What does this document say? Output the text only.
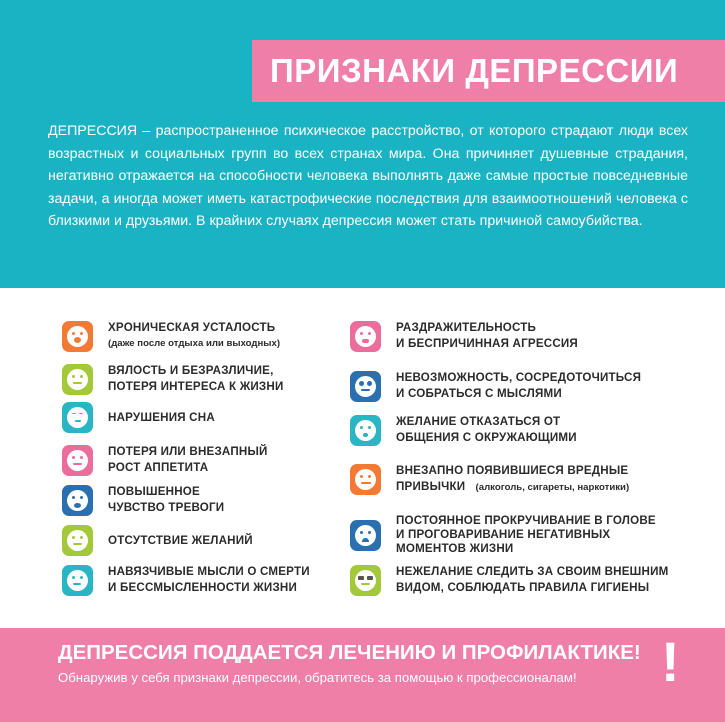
ПРИЗНАКИ ДЕПРЕССИИ
ДЕПРЕССИЯ – распространенное психическое расстройство, от которого страдают люди всех возрастных и социальных групп во всех странах мира. Она причиняет душевные страдания, негативно отражается на способности человека выполнять даже самые простые повседневные задачи, а иногда может иметь катастрофические последствия для взаимоотношений человека с близкими и друзьями. В крайних случаях депрессия может стать причиной самоубийства.
ХРОНИЧЕСКАЯ УСТАЛОСТЬ
(даже после отдыха или выходных)
ВЯЛОСТЬ И БЕЗРАЗЛИЧИЕ,
ПОТЕРЯ ИНТЕРЕСА К ЖИЗНИ
НАРУШЕНИЯ СНА
ПОТЕРЯ ИЛИ ВНЕЗАПНЫЙ
РОСТ АППЕТИТА
ПОВЫШЕННОЕ
ЧУВСТВО ТРЕВОГИ
ОТСУТСТВИЕ ЖЕЛАНИЙ
НАВЯЗЧИВЫЕ МЫСЛИ О СМЕРТИ
И БЕССМЫСЛЕННОСТИ ЖИЗНИ
РАЗДРАЖИТЕЛЬНОСТЬ
И БЕСПРИЧИННАЯ АГРЕССИЯ
НЕВОЗМОЖНОСТЬ, СОСРЕДОТОЧИТЬСЯ
И СОБРАТЬСЯ С МЫСЛЯМИ
ЖЕЛАНИЕ ОТКАЗАТЬСЯ ОТ
ОБЩЕНИЯ С ОКРУЖАЮЩИМИ
ВНЕЗАПНО ПОЯВИВШИЕСЯ ВРЕДНЫЕ
ПРИВЫЧКИ (алкоголь, сигареты, наркотики)
ПОСТОЯННОЕ ПРОКРУЧИВАНИЕ В ГОЛОВЕ
И ПРОГОВАРИВАНИЕ НЕГАТИВНЫХ
МОМЕНТОВ ЖИЗНИ
НЕЖЕЛАНИЕ СЛЕДИТЬ ЗА СВОИМ ВНЕШНИМ
ВИДОМ, СОБЛЮДАТЬ ПРАВИЛА ГИГИЕНЫ
ДЕПРЕССИЯ ПОДДАЕТСЯ ЛЕЧЕНИЮ И ПРОФИЛАКТИКЕ!
Обнаружив у себя признаки депрессии, обратитесь за помощью к профессионалам! !
